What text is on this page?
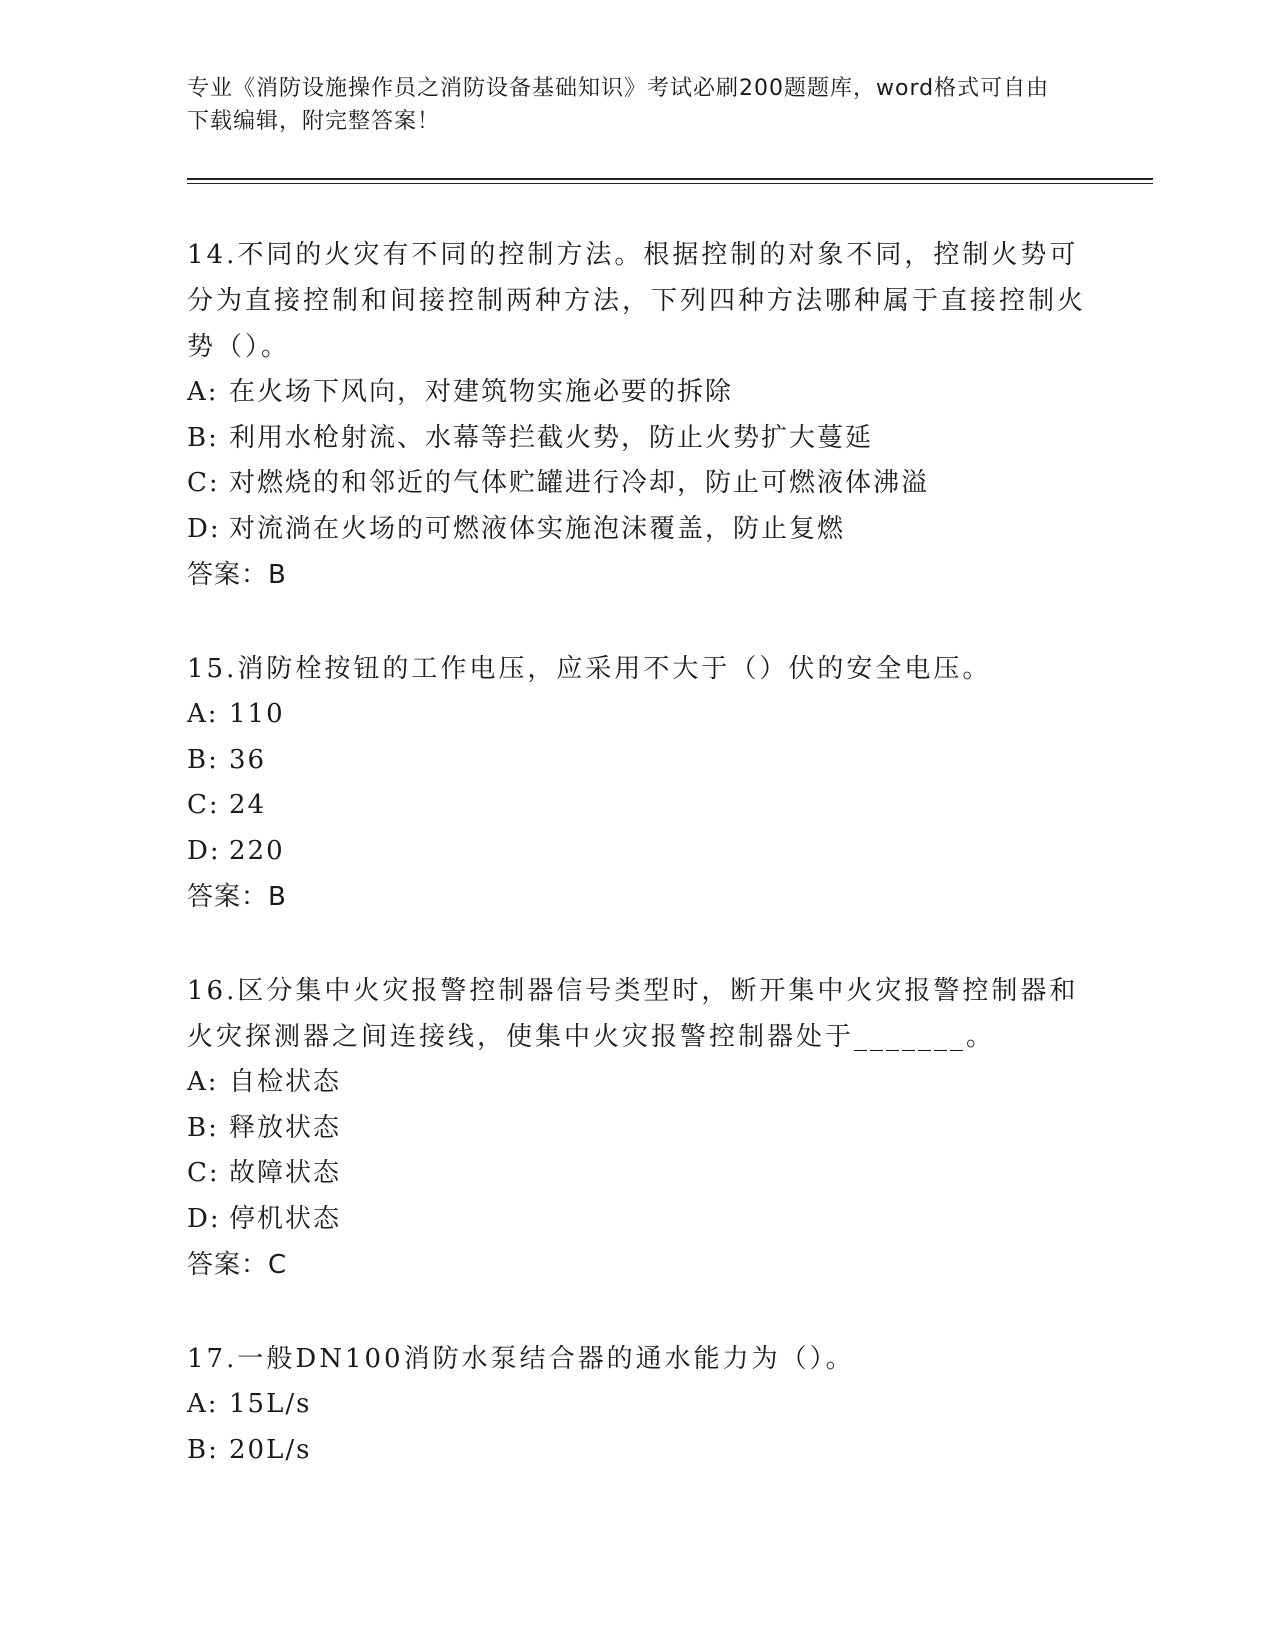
专业《消防设施操作员之消防设备基础知识》考试必刷200题题库，word格式可自由下载编辑，附完整答案！

14.不同的火灾有不同的控制方法。根据控制的对象不同，控制火势可分为直接控制和间接控制两种方法，下列四种方法哪种属于直接控制火势（）。

A: 在火场下风向，对建筑物实施必要的拆除
B: 利用水枪射流、水幕等拦截火势，防止火势扩大蔓延
C: 对燃烧的和邻近的气体贮罐进行冷却，防止可燃液体沸溢
D: 对流淌在火场的可燃液体实施泡沫覆盖，防止复燃
答案：B

15.消防栓按钮的工作电压，应采用不大于（）伏的安全电压。

A: 110
B: 36
C: 24
D: 220
答案：B

16.区分集中火灾报警控制器信号类型时，断开集中火灾报警控制器和火灾探测器之间连接线，使集中火灾报警控制器处于_______。

A: 自检状态
B: 释放状态
C: 故障状态
D: 停机状态
答案：C

17.一般DN100消防水泵结合器的通水能力为（）。

A: 15L/s
B: 20L/s
